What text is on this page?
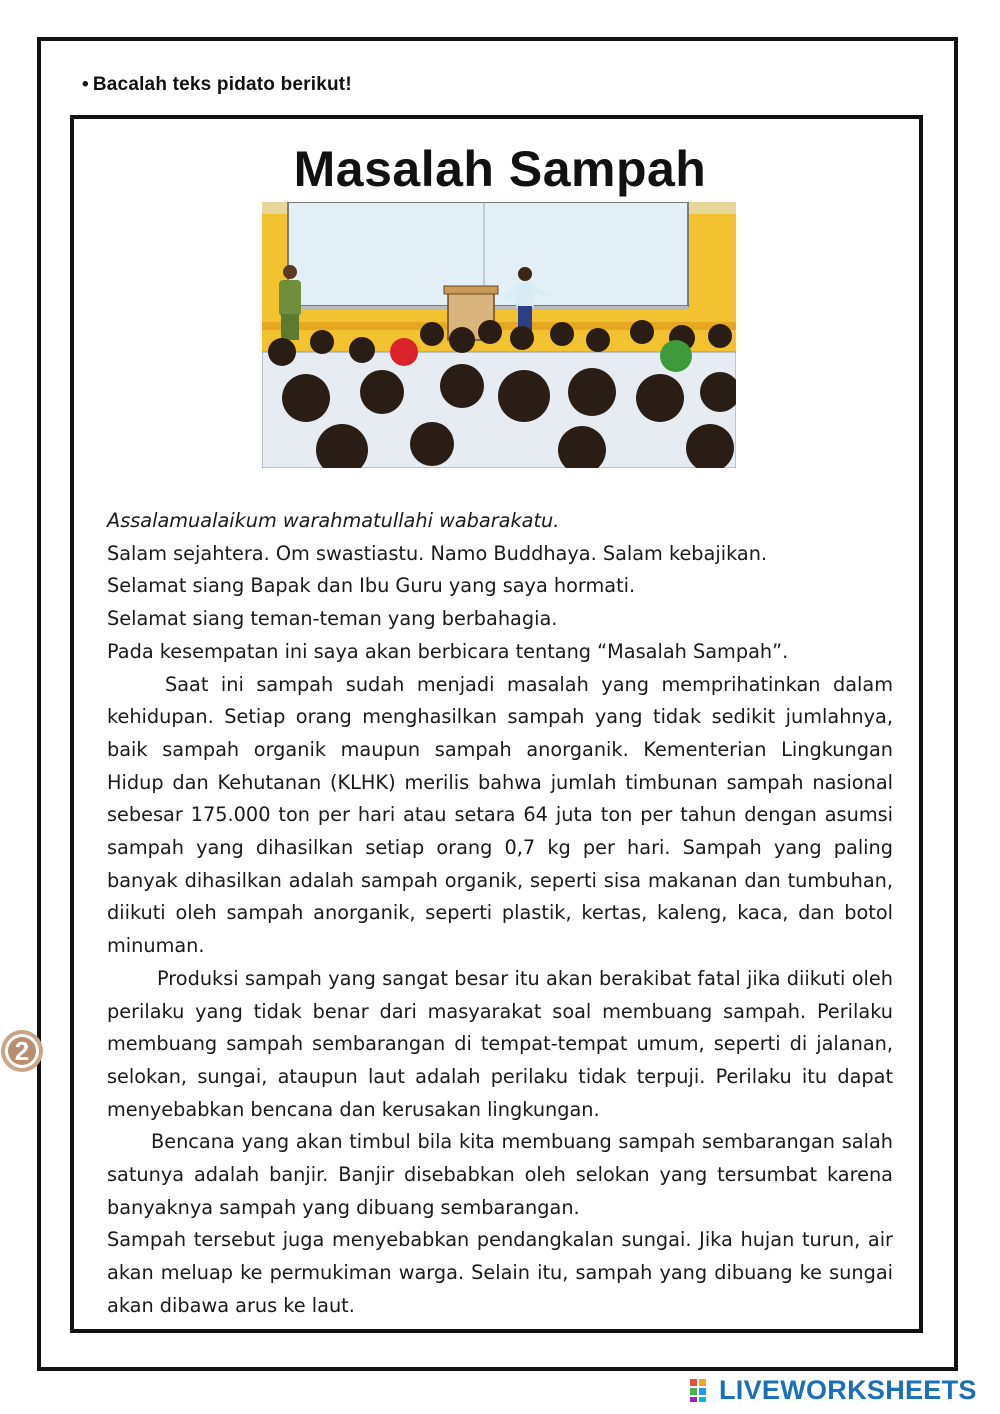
• Bacalah teks pidato berikut!
Masalah Sampah
Assalamualaikum warahmatullahi wabarakatu.
Salam sejahtera. Om swastiastu. Namo Buddhaya. Salam kebajikan.
Selamat siang Bapak dan Ibu Guru yang saya hormati.
Selamat siang teman-teman yang berbahagia.
Pada kesempatan ini saya akan berbicara tentang “Masalah Sampah”.
Saat ini sampah sudah menjadi masalah yang memprihatinkan dalam kehidupan. Setiap orang menghasilkan sampah yang tidak sedikit jumlahnya, baik sampah organik maupun sampah anorganik. Kementerian Lingkungan Hidup dan Kehutanan (KLHK) merilis bahwa jumlah timbunan sampah nasional sebesar 175.000 ton per hari atau setara 64 juta ton per tahun dengan asumsi sampah yang dihasilkan setiap orang 0,7 kg per hari. Sampah yang paling banyak dihasilkan adalah sampah organik, seperti sisa makanan dan tumbuhan, diikuti oleh sampah anorganik, seperti plastik, kertas, kaleng, kaca, dan botol minuman.
Produksi sampah yang sangat besar itu akan berakibat fatal jika diikuti oleh perilaku yang tidak benar dari masyarakat soal membuang sampah. Perilaku membuang sampah sembarangan di tempat-tempat umum, seperti di jalanan, selokan, sungai, ataupun laut adalah perilaku tidak terpuji. Perilaku itu dapat menyebabkan bencana dan kerusakan lingkungan.
Bencana yang akan timbul bila kita membuang sampah sembarangan salah satunya adalah banjir. Banjir disebabkan oleh selokan yang tersumbat karena banyaknya sampah yang dibuang sembarangan.
Sampah tersebut juga menyebabkan pendangkalan sungai. Jika hujan turun, air akan meluap ke permukiman warga. Selain itu, sampah yang dibuang ke sungai akan dibawa arus ke laut.
2
LIVEWORKSHEETS
